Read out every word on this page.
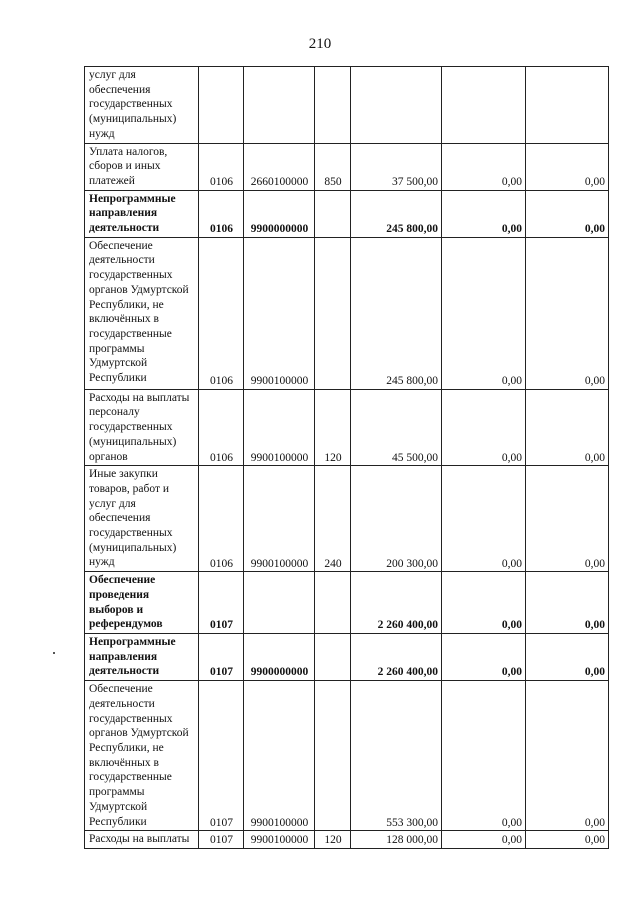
210
услуг для обеспечения государственных (муниципальных) нужд						
Уплата налогов, сборов и иных платежей	0106	2660100000	850	37 500,00	0,00	0,00
Непрограммные направления деятельности	0106	9900000000		245 800,00	0,00	0,00
Обеспечение деятельности государственных органов Удмуртской Республики, не включённых в государственные программы Удмуртской Республики	0106	9900100000		245 800,00	0,00	0,00
Расходы на выплаты персоналу государственных (муниципальных) органов	0106	9900100000	120	45 500,00	0,00	0,00
Иные закупки товаров, работ и услуг для обеспечения государственных (муниципальных) нужд	0106	9900100000	240	200 300,00	0,00	0,00
Обеспечение проведения выборов и референдумов	0107			2 260 400,00	0,00	0,00
Непрограммные направления деятельности	0107	9900000000		2 260 400,00	0,00	0,00
Обеспечение деятельности государственных органов Удмуртской Республики, не включённых в государственные программы Удмуртской Республики	0107	9900100000		553 300,00	0,00	0,00
Расходы на выплаты	0107	9900100000	120	128 000,00	0,00	0,00
